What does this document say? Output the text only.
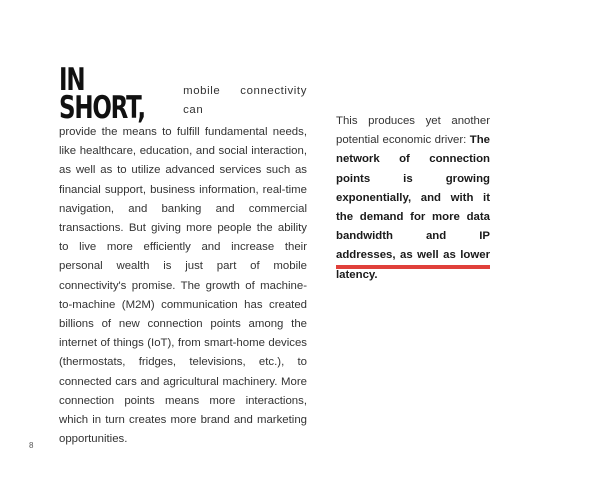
IN SHORT,	mobile connectivity can
provide the means to fulfill fundamental needs, like healthcare, education, and social interaction, as well as to utilize advanced services such as financial support, business information, real-time navigation, and banking and commercial transactions. But giving more people the ability to live more efficiently and increase their personal wealth is just part of mobile connectivity's promise. The growth of machine-to-machine (M2M) communication has created billions of new connection points among the internet of things (IoT), from smart-home devices (thermostats, fridges, televisions, etc.), to connected cars and agricultural machinery. More connection points means more interactions, which in turn creates more brand and marketing opportunities.
This produces yet another potential economic driver: The network of connection points is growing exponentially, and with it the demand for more data bandwidth and IP addresses, as well as lower latency.
8
